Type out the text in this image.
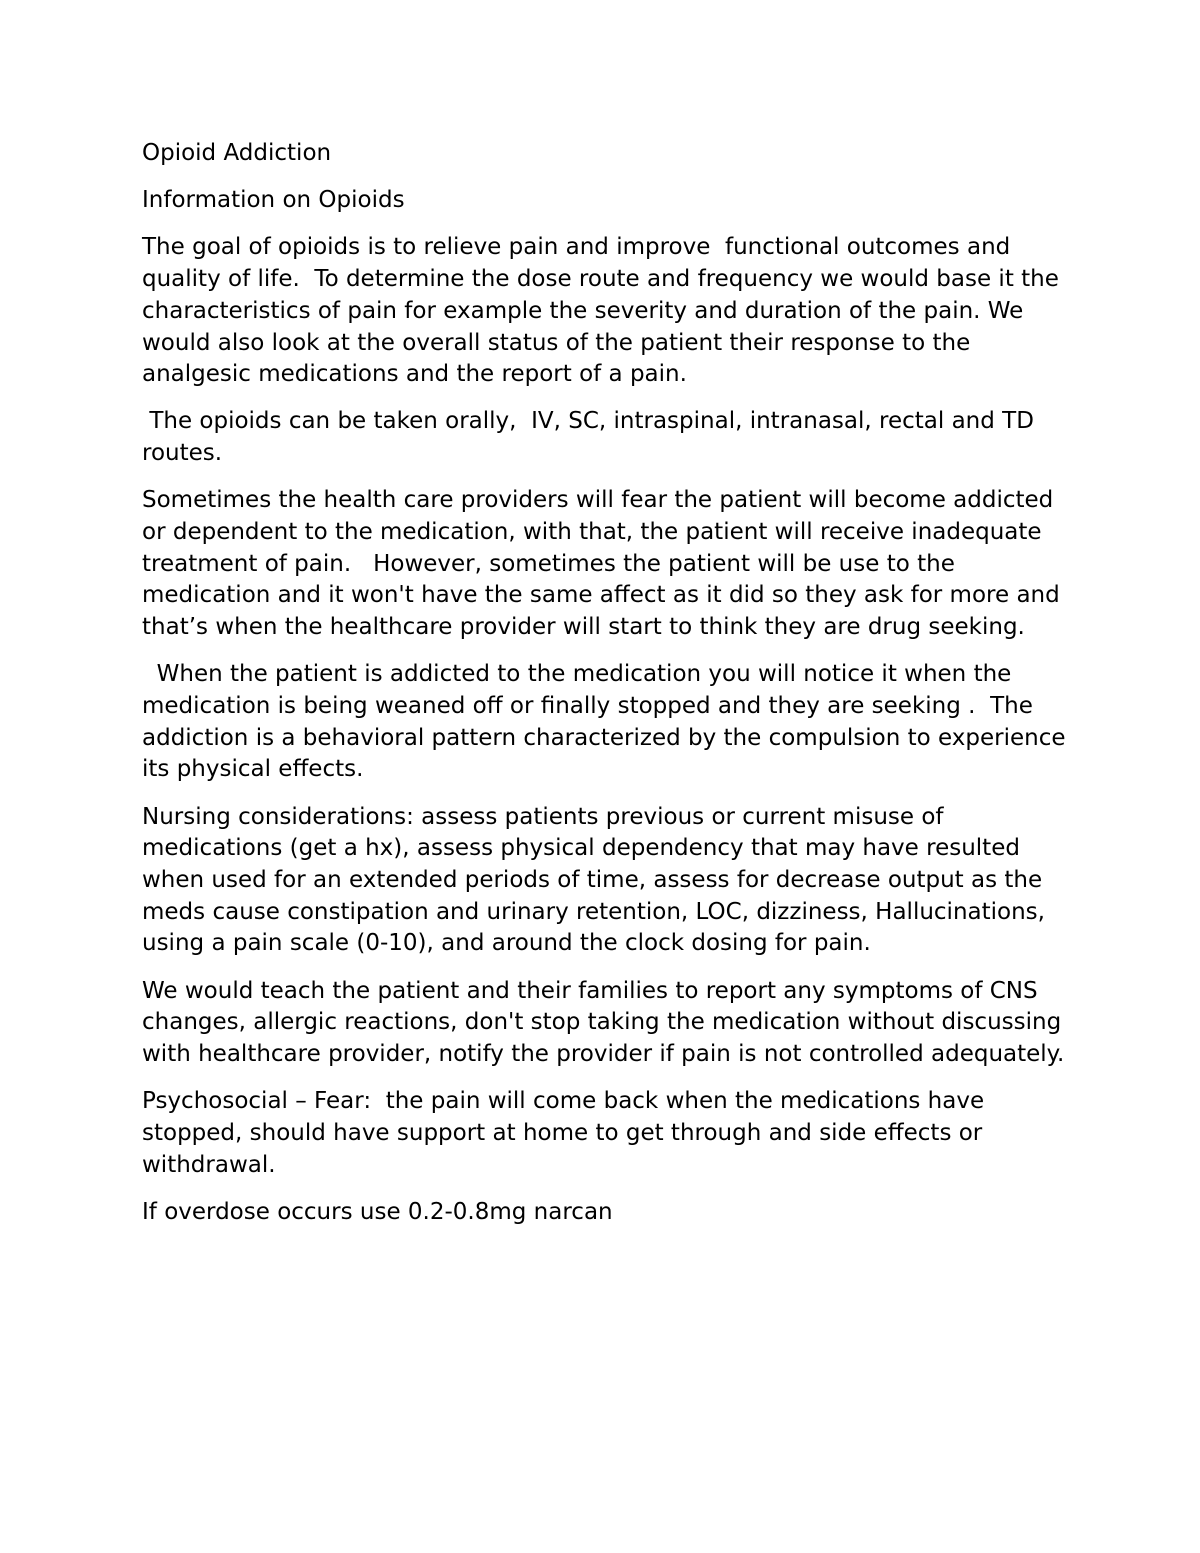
Opioid Addiction

Information on Opioids

The goal of opioids is to relieve pain and improve  functional outcomes and quality of life.  To determine the dose route and frequency we would base it the characteristics of pain for example the severity and duration of the pain. We would also look at the overall status of the patient their response to the analgesic medications and the report of a pain.

The opioids can be taken orally,  IV, SC, intraspinal, intranasal, rectal and TD routes.

Sometimes the health care providers will fear the patient will become addicted or dependent to the medication, with that, the patient will receive inadequate treatment of pain.   However, sometimes the patient will be use to the medication and it won't have the same affect as it did so they ask for more and that’s when the healthcare provider will start to think they are drug seeking.

When the patient is addicted to the medication you will notice it when the medication is being weaned off or finally stopped and they are seeking .  The addiction is a behavioral pattern characterized by the compulsion to experience its physical effects.

Nursing considerations: assess patients previous or current misuse of medications (get a hx), assess physical dependency that may have resulted when used for an extended periods of time, assess for decrease output as the meds cause constipation and urinary retention, LOC, dizziness, Hallucinations, using a pain scale (0-10), and around the clock dosing for pain.

We would teach the patient and their families to report any symptoms of CNS changes, allergic reactions, don't stop taking the medication without discussing with healthcare provider, notify the provider if pain is not controlled adequately.

Psychosocial – Fear:  the pain will come back when the medications have stopped, should have support at home to get through and side effects or withdrawal.

If overdose occurs use 0.2-0.8mg narcan
